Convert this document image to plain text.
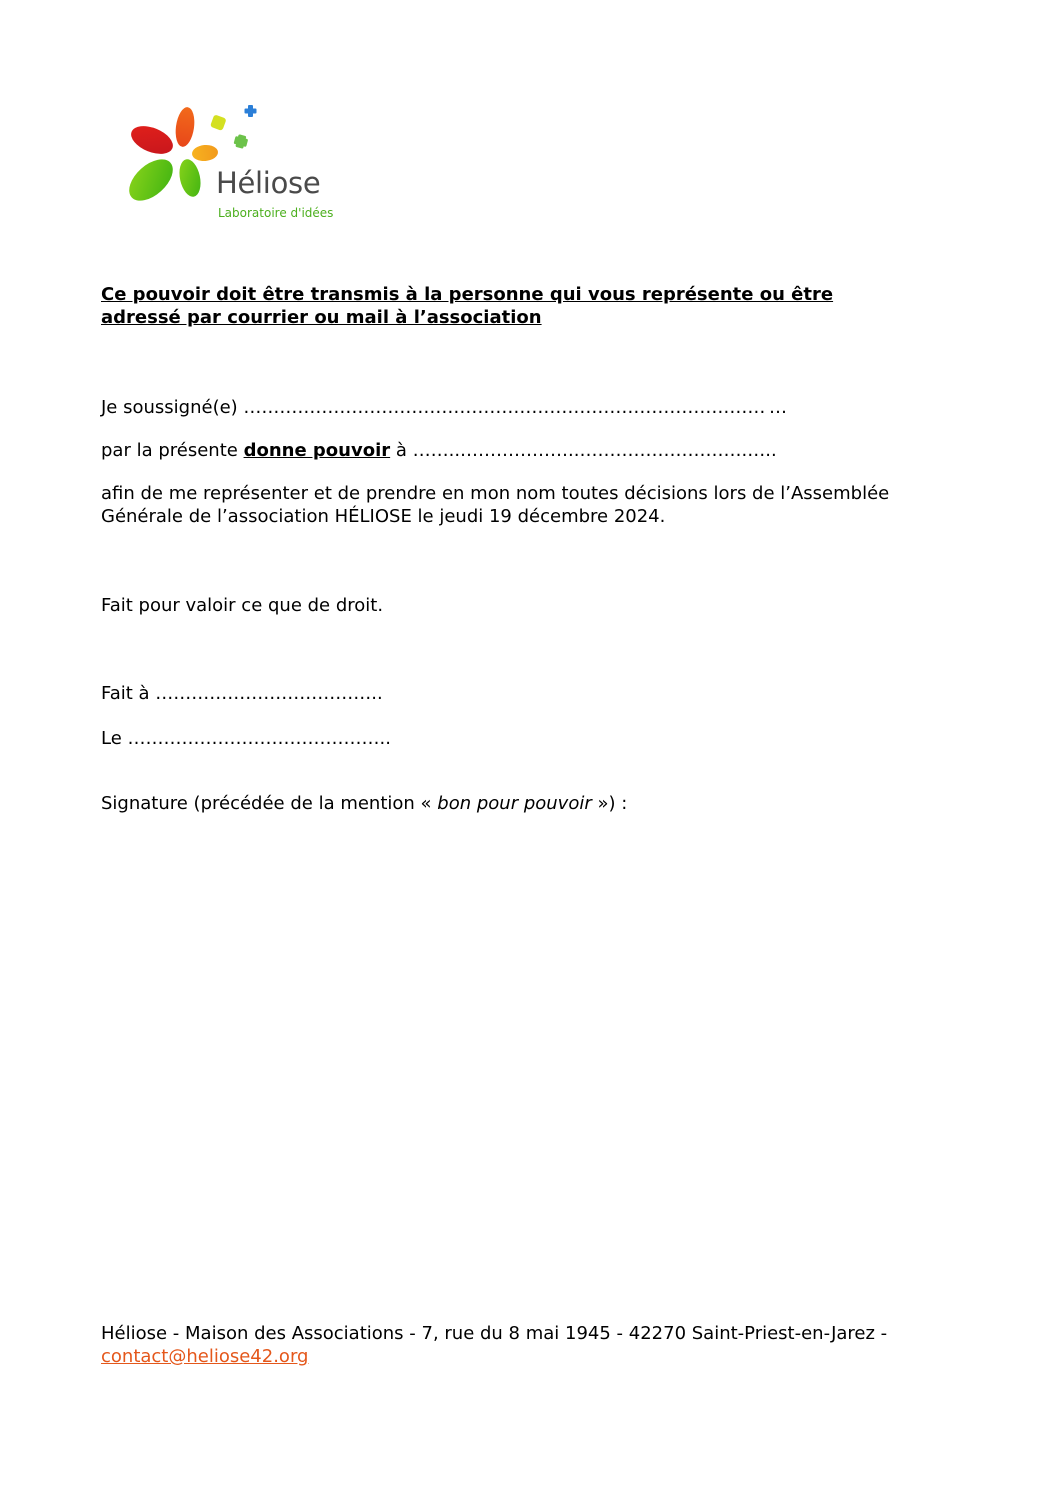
Héliose
Laboratoire d'idées

Ce pouvoir doit être transmis à la personne qui vous représente ou être
adressé par courrier ou mail à l’association

Je soussigné(e) …………………………………………………………………………… …

par la présente donne pouvoir à ……..………………..……………………….…..

afin de me représenter et de prendre en mon nom toutes décisions lors de l’Assemblée
Générale de l’association HÉLIOSE le jeudi 19 décembre 2024.

Fait pour valoir ce que de droit.

Fait à ………………………………..

Le ……………………………………..

Signature (précédée de la mention « bon pour pouvoir ») :

Héliose - Maison des Associations - 7, rue du 8 mai 1945 - 42270 Saint-Priest-en-Jarez -
contact@heliose42.org
